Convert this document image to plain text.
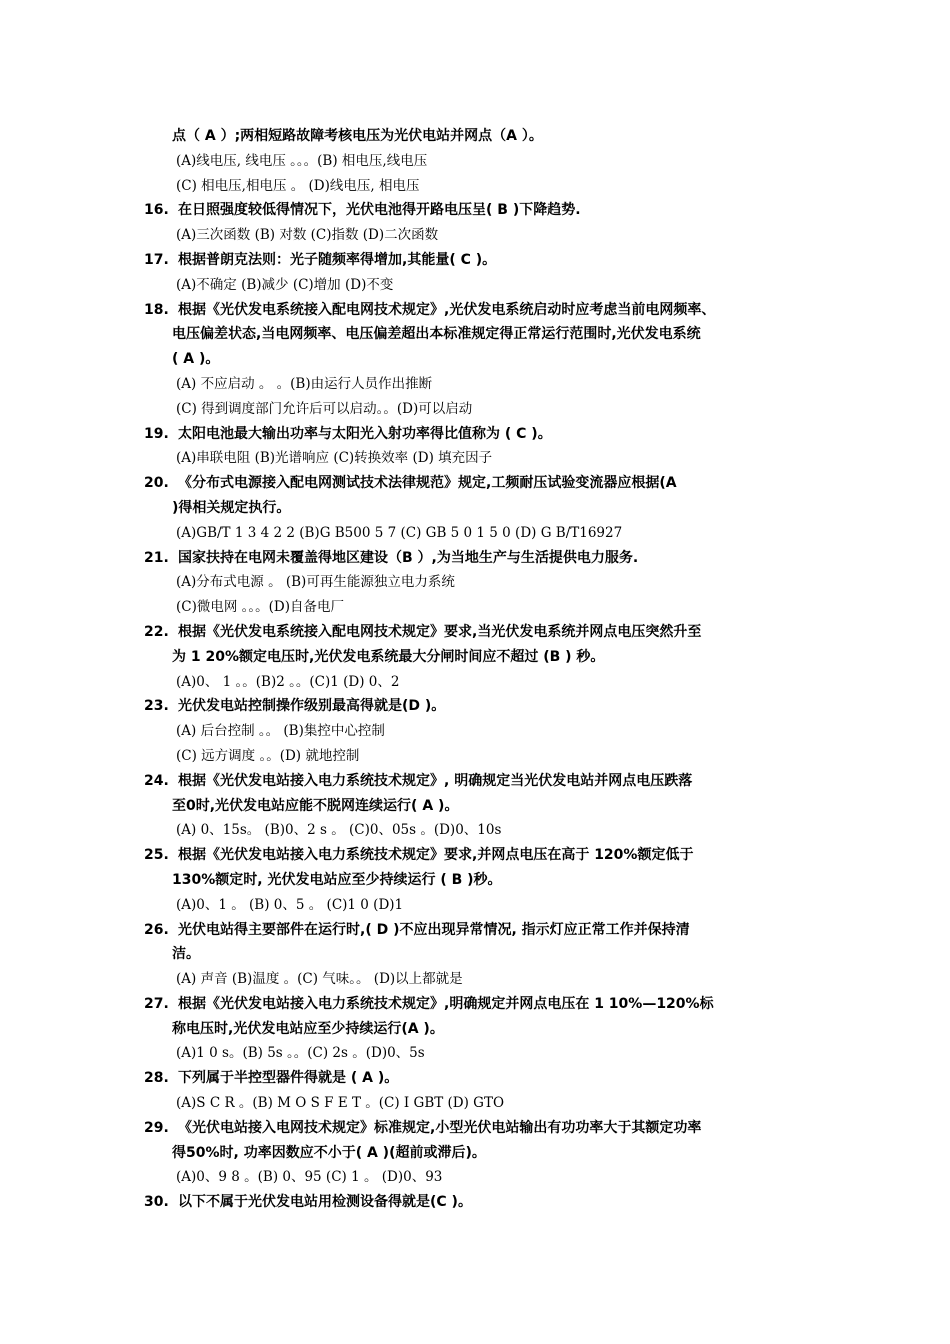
点（ A ）;两相短路故障考核电压为光伏电站并网点（A ）。
(A)线电压, 线电压 。。。(B) 相电压,线电压
(C) 相电压,相电压 。 (D)线电压, 相电压
16. 在日照强度较低得情况下，光伏电池得开路电压呈( B )下降趋势.
(A)三次函数 (B) 对数 (C)指数 (D)二次函数
17. 根据普朗克法则：光子随频率得增加,其能量( C )。
(A)不确定 (B)减少 (C)增加 (D)不变
18. 根据《光伏发电系统接入配电网技术规定》,光伏发电系统启动时应考虑当前电网频率、
电压偏差状态,当电网频率、电压偏差超出本标准规定得正常运行范围时,光伏发电系统
( A )。
(A) 不应启动 。 。(B)由运行人员作出推断
(C) 得到调度部门允许后可以启动。。(D)可以启动
19. 太阳电池最大输出功率与太阳光入射功率得比值称为 ( C )。
(A)串联电阻 (B)光谱响应 (C)转换效率 (D) 填充因子
20. 《分布式电源接入配电网测试技术法律规范》规定,工频耐压试验变流器应根据(A
)得相关规定执行。
(A)GB/T 1 3 4 2 2 (B)G B500 5 7 (C) GB 5 0 1 5 0 (D) G B/T16927
21. 国家扶持在电网未覆盖得地区建设（B ）,为当地生产与生活提供电力服务.
(A)分布式电源 。 (B)可再生能源独立电力系统
(C)微电网 。。。(D)自备电厂
22. 根据《光伏发电系统接入配电网技术规定》要求,当光伏发电系统并网点电压突然升至
为 1 20%额定电压时,光伏发电系统最大分闸时间应不超过 (B ) 秒。
(A)0、 1 。。(B)2 。。(C)1 (D) 0、2
23. 光伏发电站控制操作级别最高得就是(D )。
(A) 后台控制 。。 (B)集控中心控制
(C) 远方调度 。。(D) 就地控制
24. 根据《光伏发电站接入电力系统技术规定》, 明确规定当光伏发电站并网点电压跌落
至0时,光伏发电站应能不脱网连续运行( A )。
(A) 0、15s。 (B)0、2 s 。 (C)0、05s 。(D)0、10s
25. 根据《光伏发电站接入电力系统技术规定》要求,并网点电压在高于 120%额定低于
130%额定时, 光伏发电站应至少持续运行 ( B )秒。
(A)0、1 。 (B) 0、5 。 (C)1 0 (D)1
26. 光伏电站得主要部件在运行时,( D )不应出现异常情况, 指示灯应正常工作并保持清
洁。
(A) 声音 (B)温度 。(C) 气味。。 (D)以上都就是
27. 根据《光伏发电站接入电力系统技术规定》,明确规定并网点电压在 1 10%—120%标
称电压时,光伏发电站应至少持续运行(A )。
(A)1 0 s。(B) 5s 。。(C) 2s 。(D)0、5s
28. 下列属于半控型器件得就是 ( A )。
(A)S C R 。(B) M O S F E T 。(C) I GBT (D) GTO
29. 《光伏电站接入电网技术规定》标准规定,小型光伏电站输出有功功率大于其额定功率
得50%时, 功率因数应不小于( A )(超前或滞后)。
(A)0、9 8 。(B) 0、95 (C) 1 。 (D)0、93
30. 以下不属于光伏发电站用检测设备得就是(C )。
